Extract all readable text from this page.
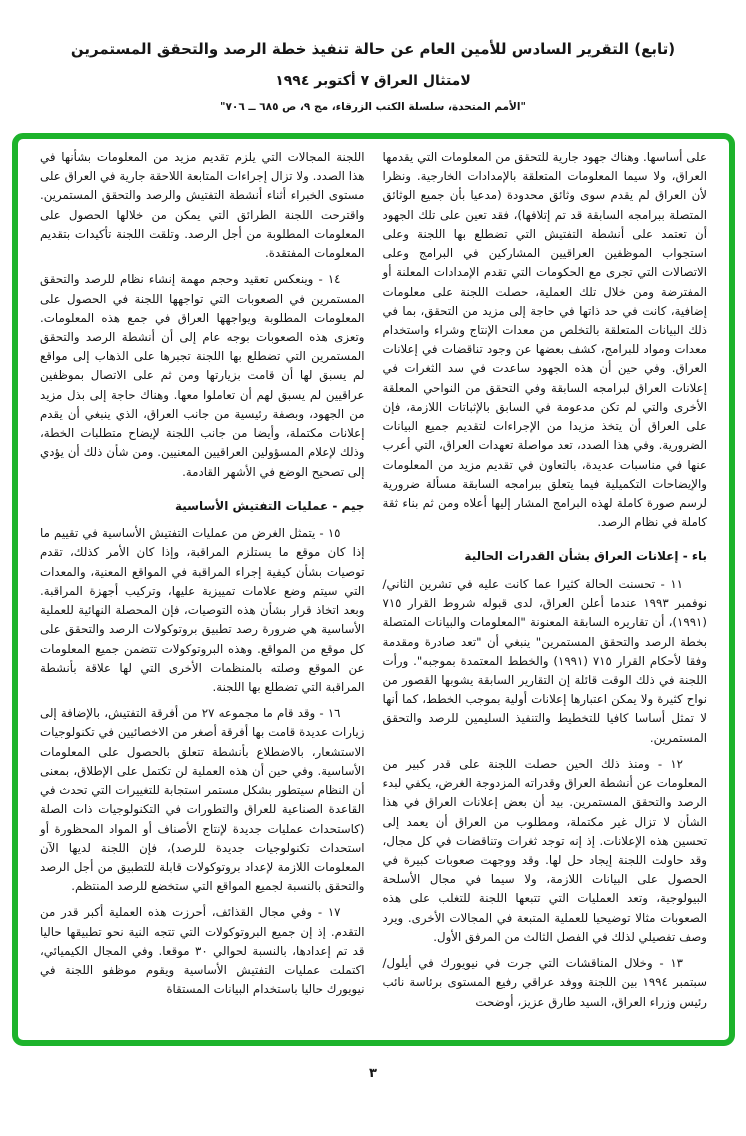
(تابع) التقرير السادس للأمين العام عن حالة تنفيذ خطة الرصد والتحقق المستمرين
لامتثال العراق ٧ أكتوبر ١٩٩٤
"الأمم المتحدة، سلسلة الكتب الزرقاء، مج ٩، ص ٦٨٥ ــ ٧٠٦"
على أساسها. وهناك جهود جارية للتحقق من المعلومات التي يقدمها العراق، ولا سيما المعلومات المتعلقة بالإمدادات الخارجية. ونظرا لأن العراق لم يقدم سوى وثائق محدودة (مدعيا بأن جميع الوثائق المتصلة ببرامجه السابقة قد تم إتلافها)، فقد تعين على تلك الجهود أن تعتمد على أنشطة التفتيش التي تضطلع بها اللجنة وعلى استجواب الموظفين العراقيين المشاركين في البرامج وعلى الاتصالات التي تجرى مع الحكومات التي تقدم الإمدادات المعلنة أو المفترضة ومن خلال تلك العملية، حصلت اللجنة على معلومات إضافية، كانت في حد ذاتها في حاجة إلى مزيد من التحقق، بما في ذلك البيانات المتعلقة بالتخلص من معدات الإنتاج وشراء واستخدام معدات ومواد للبرامج، كشف بعضها عن وجود تناقضات في إعلانات العراق. وفي حين أن هذه الجهود ساعدت في سد الثغرات في إعلانات العراق لبرامجه السابقة وفي التحقق من النواحي المعلقة الأخرى والتي لم تكن مدعومة في السابق بالإثباتات اللازمة، فإن على العراق أن يتخذ مزيدا من الإجراءات لتقديم جميع البيانات الضرورية. وفي هذا الصدد، تعد مواصلة تعهدات العراق، التي أعرب عنها في مناسبات عديدة، بالتعاون في تقديم مزيد من المعلومات والإيضاحات التكميلية فيما يتعلق ببرامجه السابقة مسألة ضرورية لرسم صورة كاملة لهذه البرامج المشار إليها أعلاه ومن ثم بناء ثقة كاملة في نظام الرصد.
باء - إعلانات العراق بشأن القدرات الحالية
١١ - تحسنت الحالة كثيرا عما كانت عليه في تشرين الثاني/ نوفمبر ١٩٩٣ عندما أعلن العراق، لدى قبوله شروط القرار ٧١٥ (١٩٩١)، أن تقاريره السابقة المعنونة "المعلومات والبيانات المتصلة بخطة الرصد والتحقق المستمرين" ينبغي أن "تعد صادرة ومقدمة وفقا لأحكام القرار ٧١٥ (١٩٩١) والخطط المعتمدة بموجبه". ورأت اللجنة في ذلك الوقت قائلة إن التقارير السابقة يشوبها القصور من نواح كثيرة ولا يمكن اعتبارها إعلانات أولية بموجب الخطط، كما أنها لا تمثل أساسا كافيا للتخطيط والتنفيذ السليمين للرصد والتحقق المستمرين.
١٢ - ومنذ ذلك الحين حصلت اللجنة على قدر كبير من المعلومات عن أنشطة العراق وقدراته المزدوجة الغرض، يكفي لبدء الرصد والتحقق المستمرين. بيد أن بعض إعلانات العراق في هذا الشأن لا تزال غير مكتملة، ومطلوب من العراق أن يعمد إلى تحسين هذه الإعلانات. إذ إنه توجد ثغرات وتناقضات في كل مجال، وقد حاولت اللجنة إيجاد حل لها. وقد ووجهت صعوبات كبيرة في الحصول على البيانات اللازمة، ولا سيما في مجال الأسلحة البيولوجية، وتعد العمليات التي تتبعها اللجنة للتغلب على هذه الصعوبات مثالا توضيحيا للعملية المتبعة في المجالات الأخرى. ويرد وصف تفصيلي لذلك في الفصل الثالث من المرفق الأول.
١٣ - وخلال المناقشات التي جرت في نيويورك في أيلول/ سبتمبر ١٩٩٤ بين اللجنة ووفد عراقي رفيع المستوى برئاسة نائب رئيس وزراء العراق، السيد طارق عزيز، أوضحت
اللجنة المجالات التي يلزم تقديم مزيد من المعلومات بشأنها في هذا الصدد. ولا تزال إجراءات المتابعة اللاحقة جارية في العراق على مستوى الخبراء أثناء أنشطة التفتيش والرصد والتحقق المستمرين. واقترحت اللجنة الطرائق التي يمكن من خلالها الحصول على المعلومات المطلوبة من أجل الرصد. وتلقت اللجنة تأكيدات بتقديم المعلومات المفتقدة.
١٤ - وينعكس تعقيد وحجم مهمة إنشاء نظام للرصد والتحقق المستمرين في الصعوبات التي تواجهها اللجنة في الحصول على المعلومات المطلوبة ويواجهها العراق في جمع هذه المعلومات. وتعزى هذه الصعوبات بوجه عام إلى أن أنشطة الرصد والتحقق المستمرين التي تضطلع بها اللجنة تجبرها على الذهاب إلى مواقع لم يسبق لها أن قامت بزيارتها ومن ثم على الاتصال بموظفين عراقيين لم يسبق لهم أن تعاملوا معها. وهناك حاجة إلى بذل مزيد من الجهود، وبصفة رئيسية من جانب العراق، الذي ينبغي أن يقدم إعلانات مكتملة، وأيضا من جانب اللجنة لإيضاح متطلبات الخطة، وذلك لإعلام المسؤولين العراقيين المعنيين. ومن شأن ذلك أن يؤدي إلى تصحيح الوضع في الأشهر القادمة.
جيم - عمليات التفتيش الأساسية
١٥ - يتمثل الغرض من عمليات التفتيش الأساسية في تقييم ما إذا كان موقع ما يستلزم المراقبة، وإذا كان الأمر كذلك، تقدم توصيات بشأن كيفية إجراء المراقبة في المواقع المعنية، والمعدات التي سيتم وضع علامات تمييزية عليها، وتركيب أجهزة المراقبة. وبعد اتخاذ قرار بشأن هذه التوصيات، فإن المحصلة النهائية للعملية الأساسية هي ضرورة رصد تطبيق بروتوكولات الرصد والتحقق على كل موقع من المواقع. وهذه البروتوكولات تتضمن جميع المعلومات عن الموقع وصلته بالمنظمات الأخرى التي لها علاقة بأنشطة المراقبة التي تضطلع بها اللجنة.
١٦ - وقد قام ما مجموعه ٢٧ من أفرقة التفتيش، بالإضافة إلى زيارات عديدة قامت بها أفرقة أصغر من الاخصائيين في تكنولوجيات الاستشعار، بالاضطلاع بأنشطة تتعلق بالحصول على المعلومات الأساسية. وفي حين أن هذه العملية لن تكتمل على الإطلاق، بمعنى أن النظام سيتطور بشكل مستمر استجابة للتغييرات التي تحدث في القاعدة الصناعية للعراق والتطورات في التكنولوجيات ذات الصلة (كاستحداث عمليات جديدة لإنتاج الأصناف أو المواد المحظورة أو استحداث تكنولوجيات جديدة للرصد)، فإن اللجنة لديها الآن المعلومات اللازمة لإعداد بروتوكولات قابلة للتطبيق من أجل الرصد والتحقق بالنسبة لجميع المواقع التي ستخضع للرصد المنتظم.
١٧ - وفي مجال القذائف، أحرزت هذه العملية أكبر قدر من التقدم. إذ إن جميع البروتوكولات التي تتجه النية نحو تطبيقها حاليا قد تم إعدادها، بالنسبة لحوالي ٣٠ موقعا. وفي المجال الكيميائي، اكتملت عمليات التفتيش الأساسية ويقوم موظفو اللجنة في نيويورك حاليا باستخدام البيانات المستقاة
٣
